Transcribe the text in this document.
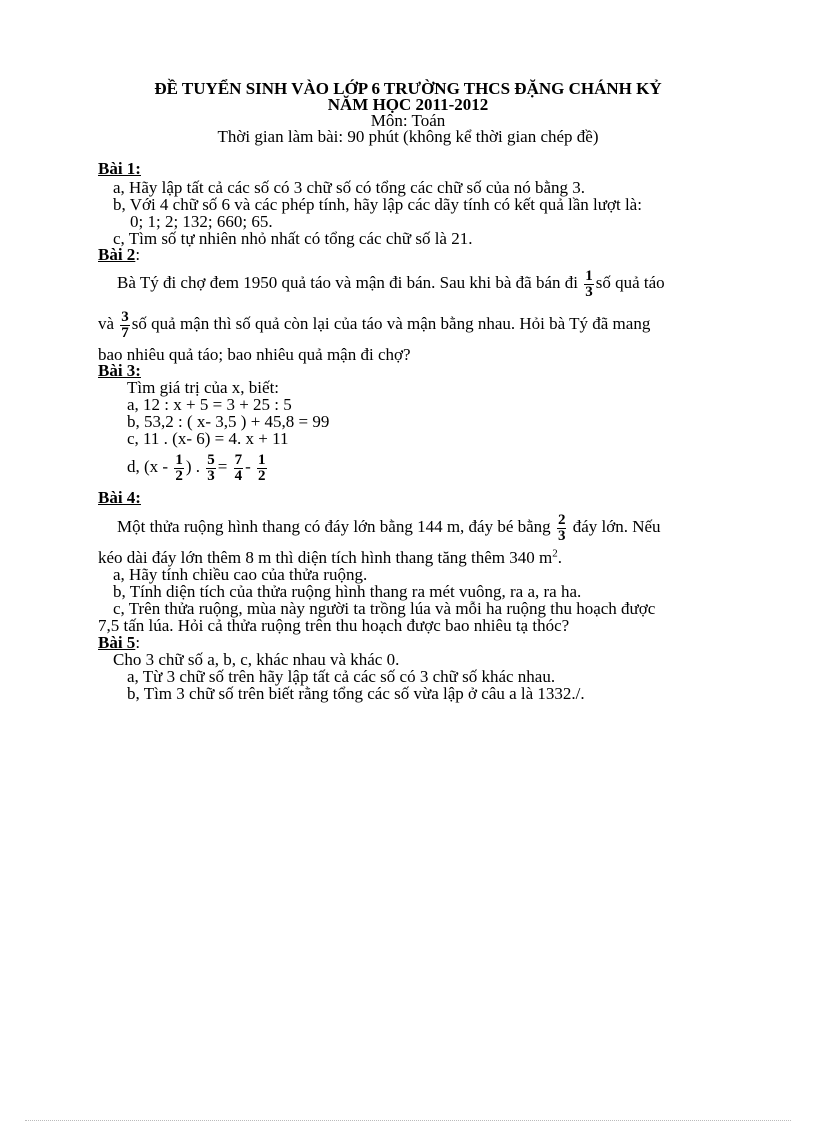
ĐỀ TUYỂN SINH VÀO LỚP 6 TRƯỜNG THCS ĐẶNG CHÁNH KỶ
NĂM HỌC 2011-2012
Môn: Toán
Thời gian làm bài: 90 phút (không kể thời gian chép đề)
Bài 1:
a, Hãy lập tất cả các số có 3 chữ số có tổng các chữ số của nó bằng 3.
b, Với 4 chữ số 6 và các phép tính, hãy lập các dãy tính có kết quả lần lượt là:
0; 1; 2; 132; 660; 65.
c, Tìm số tự nhiên nhỏ nhất có tổng các chữ số là 21.
Bài 2:
Bà Tý đi chợ đem 1950 quả táo và mận đi bán. Sau khi bà đã bán đi $\frac{1}{3}$ số quả táo
và $\frac{3}{7}$ số quả mận thì số quả còn lại của táo và mận bằng nhau. Hỏi bà Tý đã mang
bao nhiêu quả táo; bao nhiêu quả mận đi chợ?
Bài 3:
Tìm giá trị của x, biết:
a, 12 : x + 5 = 3 + 25 : 5
b, 53,2 : ( x- 3,5 ) + 45,8 = 99
c, 11 . (x- 6) = 4. x + 11
d, ($x - \frac{1}{2}$ ) . $\frac{5}{3} = \frac{7}{4} - \frac{1}{2}$
Bài 4:
Một thửa ruộng hình thang có đáy lớn bằng 144 m, đáy bé bằng $\frac{2}{3}$ đáy lớn. Nếu
kéo dài đáy lớn thêm 8 m thì diện tích hình thang tăng thêm 340 $m^2$.
a, Hãy tính chiều cao của thửa ruộng.
b, Tính diện tích của thửa ruộng hình thang ra mét vuông, ra a, ra ha.
c, Trên thửa ruộng, mùa này người ta trồng lúa và mỗi ha ruộng thu hoạch được
7,5 tấn lúa. Hỏi cả thửa ruộng trên thu hoạch được bao nhiêu tạ thóc?
Bài 5:
Cho 3 chữ số a, b, c, khác nhau và khác 0.
a, Từ 3 chữ số trên hãy lập tất cả các số có 3 chữ số khác nhau.
b, Tìm 3 chữ số trên biết rằng tổng các số vừa lập ở câu a là 1332./.
